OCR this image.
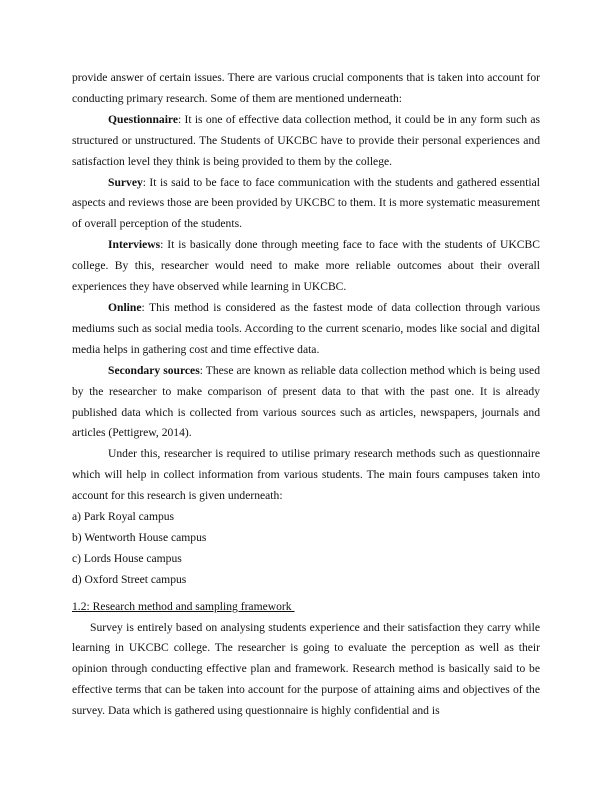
provide answer of certain issues. There are various crucial components that is taken into account for conducting primary research. Some of them are mentioned underneath:

Questionnaire: It is one of effective data collection method, it could be in any form such as structured or unstructured. The Students of UKCBC have to provide their personal experiences and satisfaction level they think is being provided to them by the college.

Survey: It is said to be face to face communication with the students and gathered essential aspects and reviews those are been provided by UKCBC to them. It is more systematic measurement of overall perception of the students.

Interviews: It is basically done through meeting face to face with the students of UKCBC college. By this, researcher would need to make more reliable outcomes about their overall experiences they have observed while learning in UKCBC.

Online: This method is considered as the fastest mode of data collection through various mediums such as social media tools. According to the current scenario, modes like social and digital media helps in gathering cost and time effective data.

Secondary sources: These are known as reliable data collection method which is being used by the researcher to make comparison of present data to that with the past one. It is already published data which is collected from various sources such as articles, newspapers, journals and articles (Pettigrew, 2014).

Under this, researcher is required to utilise primary research methods such as questionnaire which will help in collect information from various students. The main fours campuses taken into account for this research is given underneath:

a) Park Royal campus

b) Wentworth House campus

c) Lords House campus

d) Oxford Street campus

1.2: Research method and sampling framework

Survey is entirely based on analysing students experience and their satisfaction they carry while learning in UKCBC college. The researcher is going to evaluate the perception as well as their opinion through conducting effective plan and framework. Research method is basically said to be effective terms that can be taken into account for the purpose of attaining aims and objectives of the survey. Data which is gathered using questionnaire is highly confidential and is
